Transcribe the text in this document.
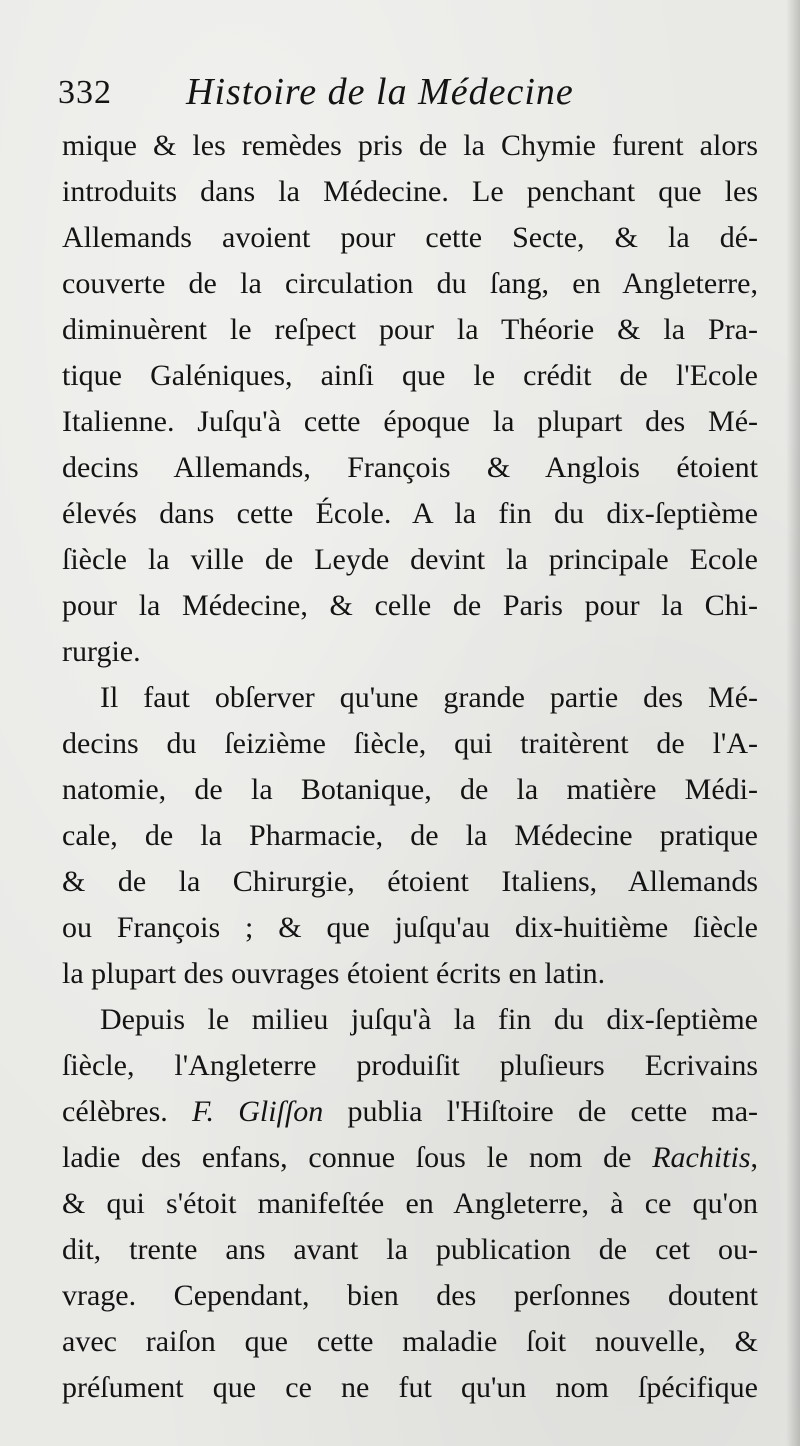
332 Histoire de la Médecine
mique & les remèdes pris de la Chymie furent alors
introduits dans la Médecine. Le penchant que les
Allemands avoient pour cette Secte, & la dé-
couverte de la circulation du ſang, en Angleterre,
diminuèrent le reſpect pour la Théorie & la Pra-
tique Galéniques, ainſi que le crédit de l'Ecole
Italienne. Juſqu'à cette époque la plupart des Mé-
decins Allemands, François & Anglois étoient
élevés dans cette École. A la fin du dix-ſeptième
ſiècle la ville de Leyde devint la principale Ecole
pour la Médecine, & celle de Paris pour la Chi-
rurgie.
Il faut obſerver qu'une grande partie des Mé-
decins du ſeizième ſiècle, qui traitèrent de l'A-
natomie, de la Botanique, de la matière Médi-
cale, de la Pharmacie, de la Médecine pratique
& de la Chirurgie, étoient Italiens, Allemands
ou François ; & que juſqu'au dix-huitième ſiècle
la plupart des ouvrages étoient écrits en latin.
Depuis le milieu juſqu'à la fin du dix-ſeptième
ſiècle, l'Angleterre produiſit pluſieurs Ecrivains
célèbres. F. Gliſſon publia l'Hiſtoire de cette ma-
ladie des enfans, connue ſous le nom de Rachitis,
& qui s'étoit manifeſtée en Angleterre, à ce qu'on
dit, trente ans avant la publication de cet ou-
vrage. Cependant, bien des perſonnes doutent
avec raiſon que cette maladie ſoit nouvelle, &
préſument que ce ne fut qu'un nom ſpécifique
